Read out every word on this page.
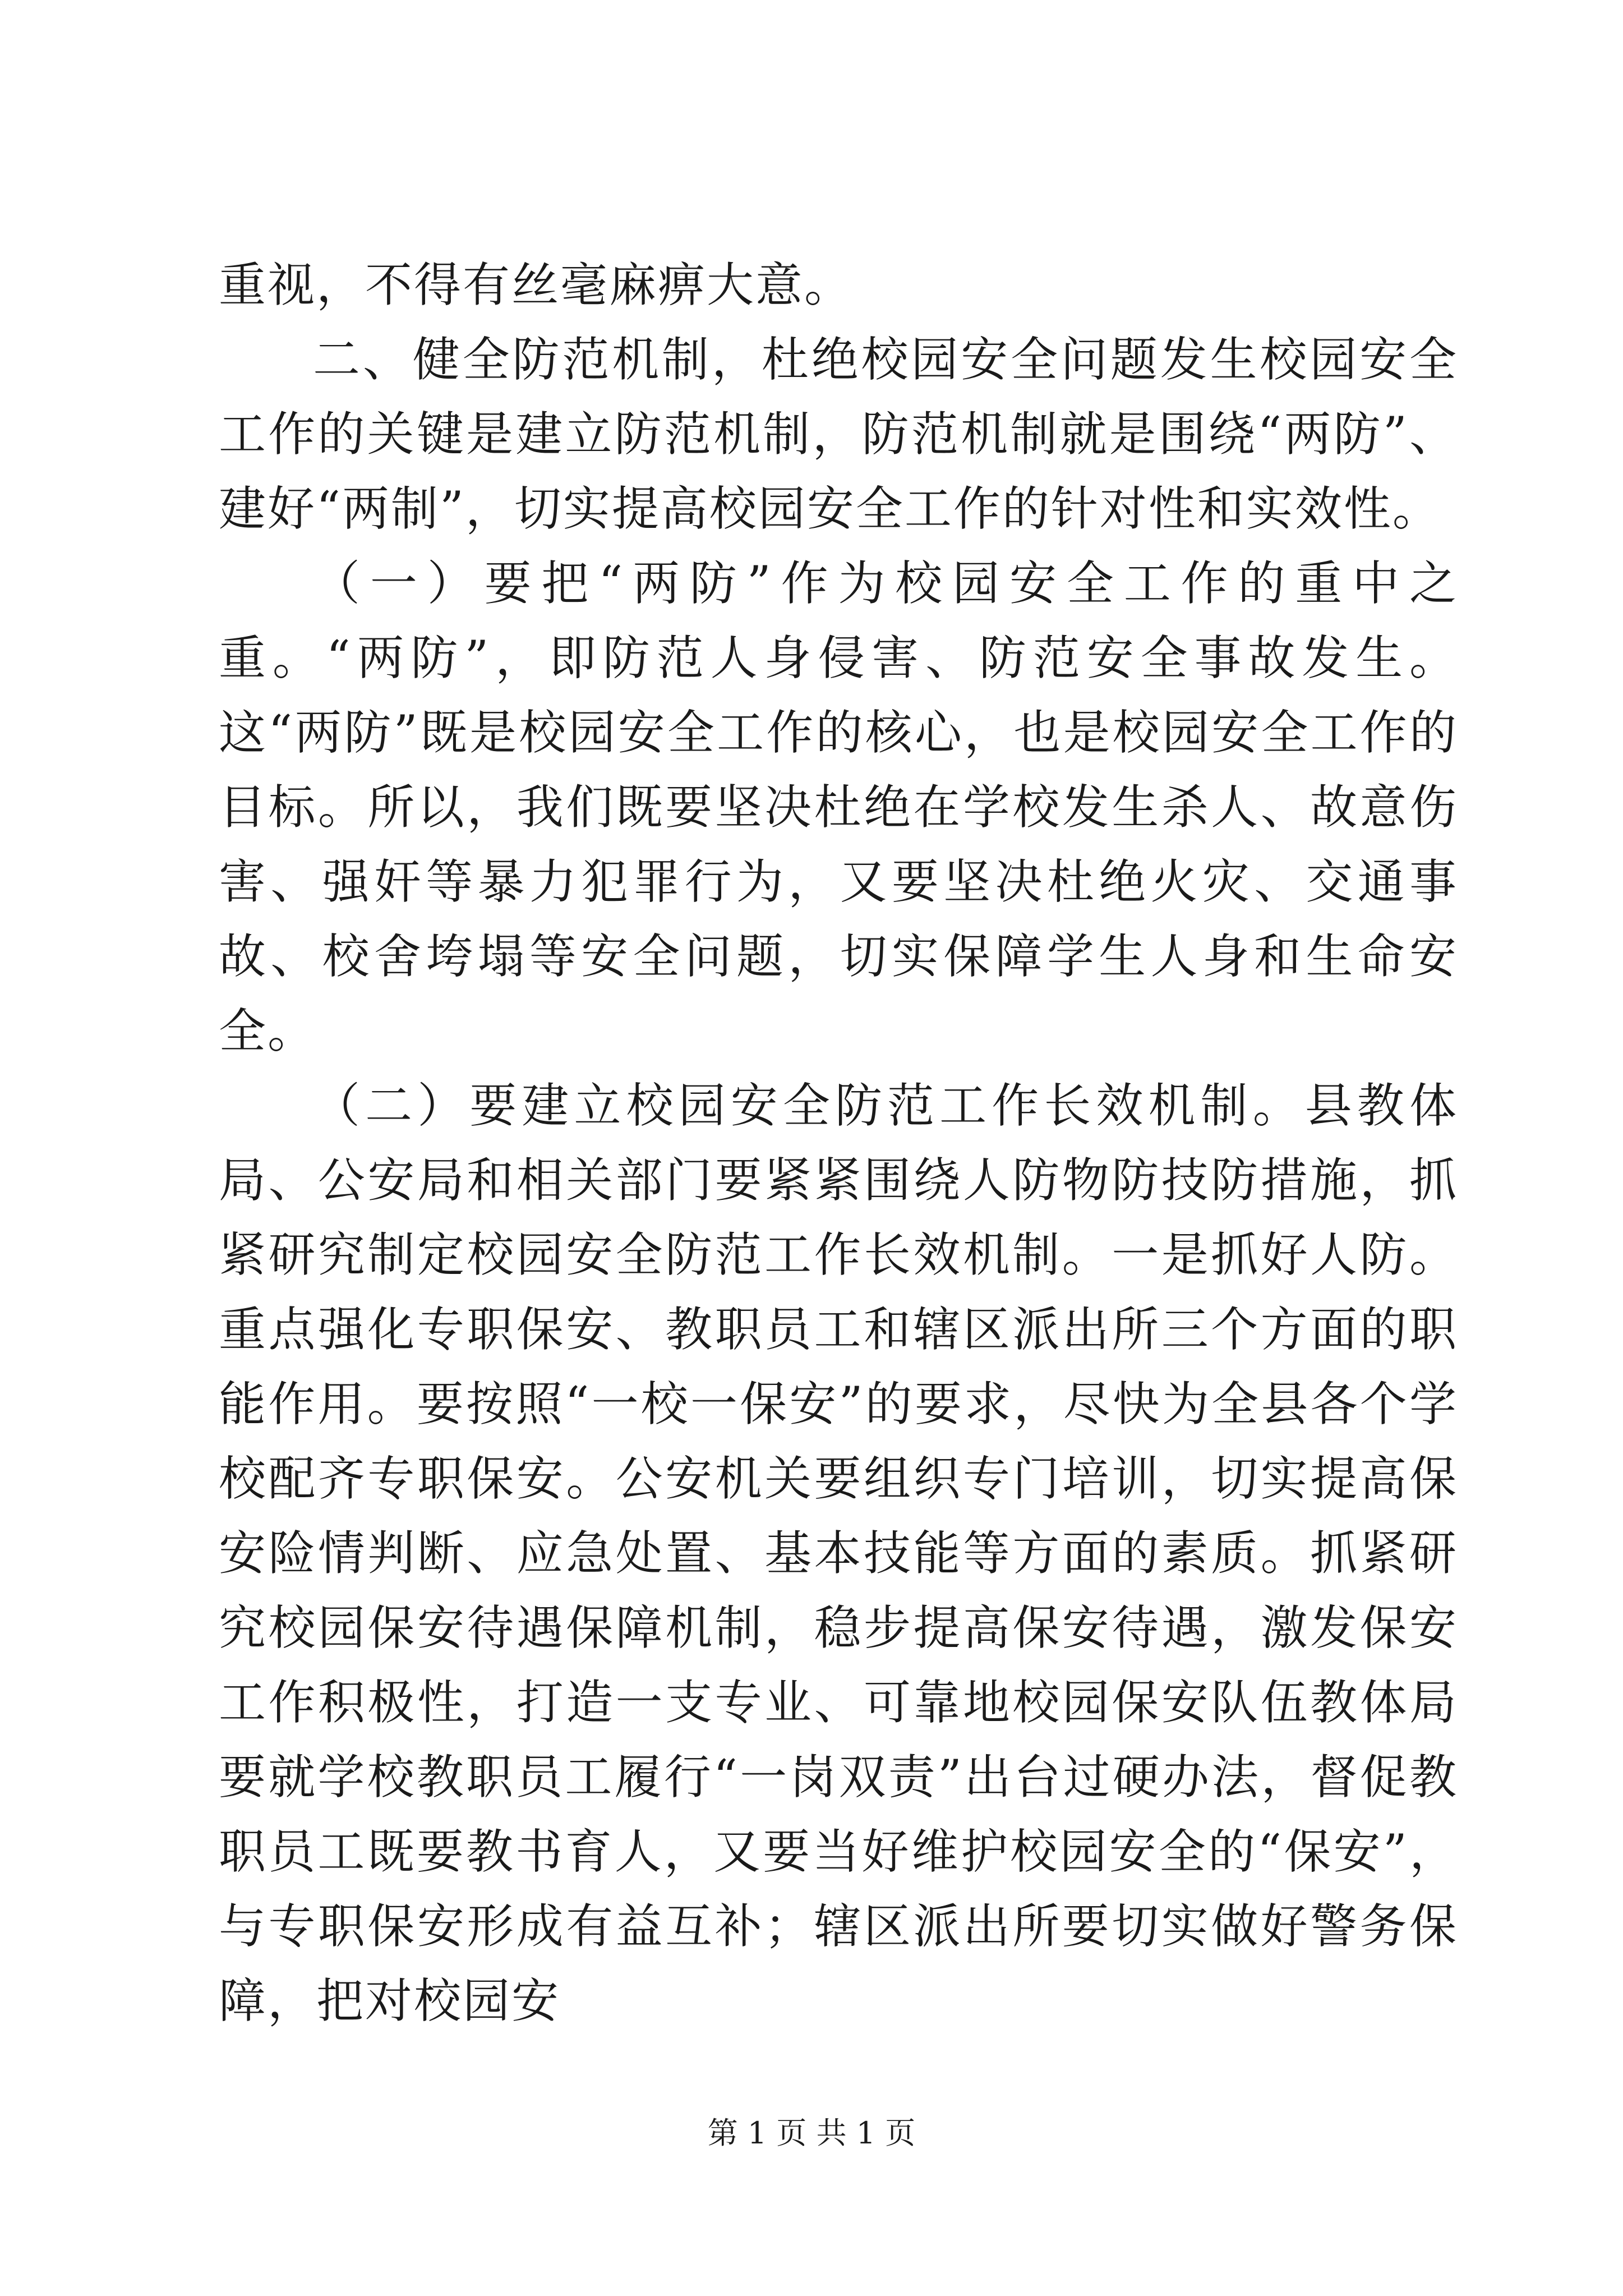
重视，不得有丝毫麻痹大意。

二、健全防范机制，杜绝校园安全问题发生校园安全工作的关键是建立防范机制，防范机制就是围绕“两防”、建好“两制”，切实提高校园安全工作的针对性和实效性。

（一）要把“两防”作为校园安全工作的重中之重。“两防”，即防范人身侵害、防范安全事故发生。这“两防”既是校园安全工作的核心，也是校园安全工作的目标。所以，我们既要坚决杜绝在学校发生杀人、故意伤害、强奸等暴力犯罪行为，又要坚决杜绝火灾、交通事故、校舍垮塌等安全问题，切实保障学生人身和生命安全。

（二）要建立校园安全防范工作长效机制。县教体局、公安局和相关部门要紧紧围绕人防物防技防措施，抓紧研究制定校园安全防范工作长效机制。一是抓好人防。重点强化专职保安、教职员工和辖区派出所三个方面的职能作用。要按照“一校一保安”的要求，尽快为全县各个学校配齐专职保安。公安机关要组织专门培训，切实提高保安险情判断、应急处置、基本技能等方面的素质。抓紧研究校园保安待遇保障机制，稳步提高保安待遇，激发保安工作积极性，打造一支专业、可靠地校园保安队伍教体局要就学校教职员工履行“一岗双责”出台过硬办法，督促教职员工既要教书育人，又要当好维护校园安全的“保安”，与专职保安形成有益互补；辖区派出所要切实做好警务保障，把对校园安

第 1 页 共 1 页
